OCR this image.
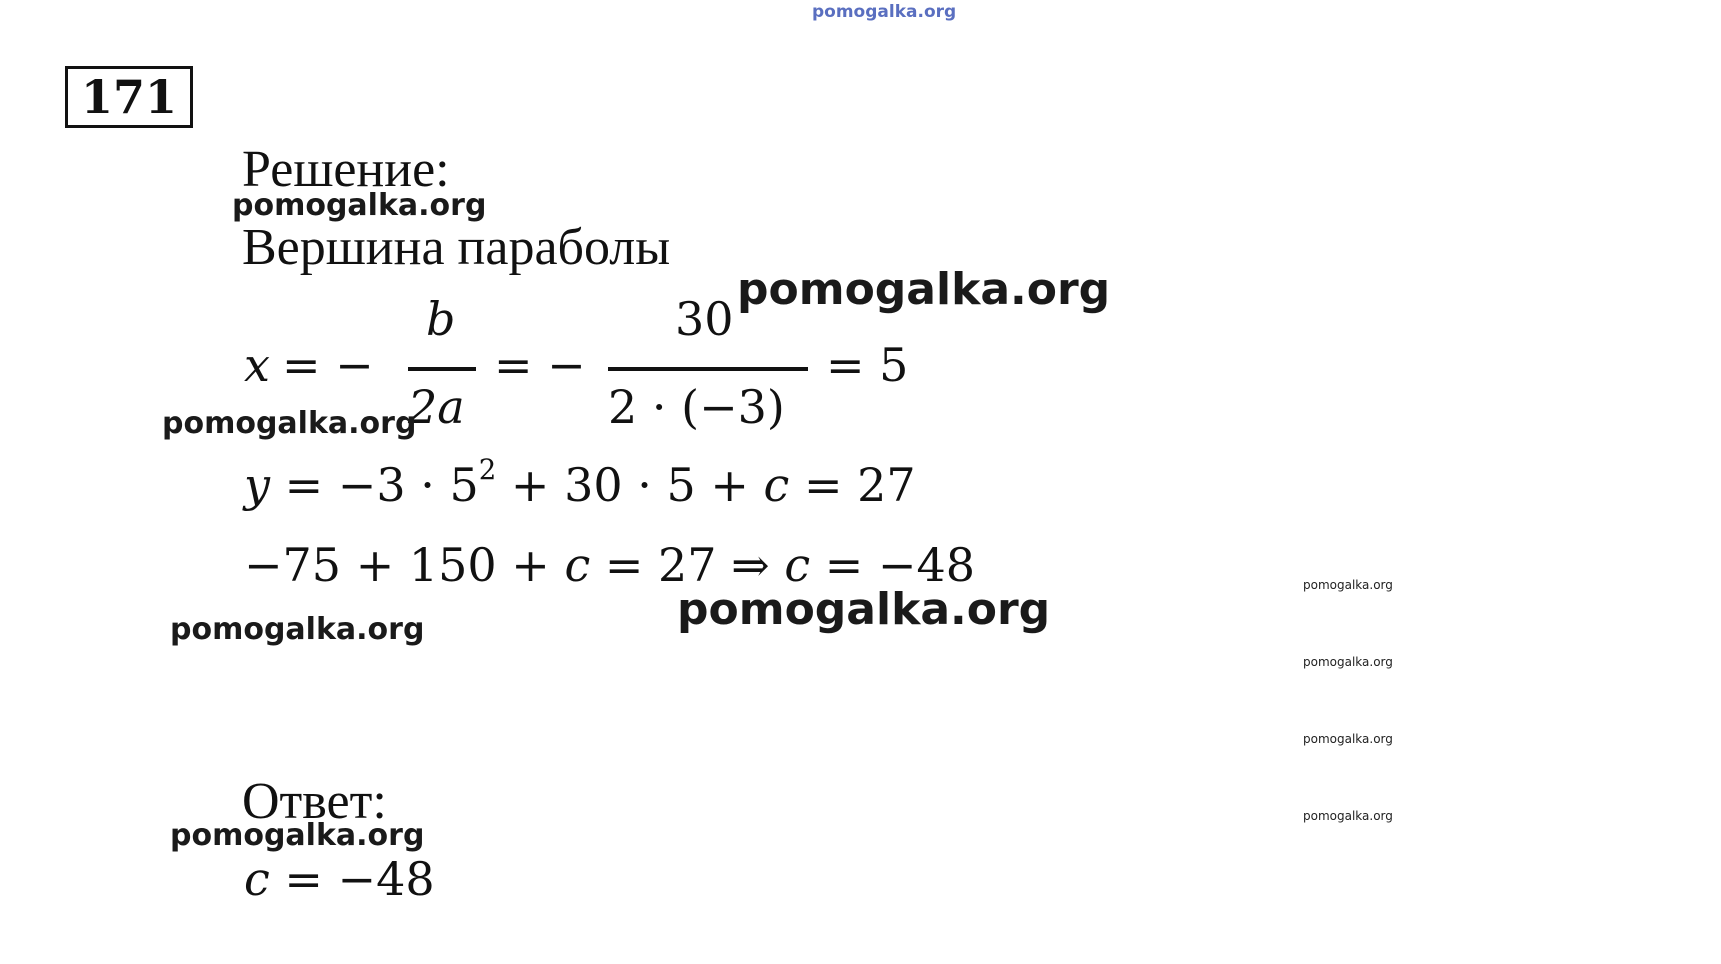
pomogalka.org
171
Решение:
pomogalka.org
Вершина параболы
pomogalka.org
x = −
b
2a
= −
30
2 · (−3)
= 5
pomogalka.org
$y = -3 \cdot 5^2 + 30 \cdot 5 + c = 27$
−75 + 150 + c = 27 ⇒ c = −48
pomogalka.org
pomogalka.org
pomogalka.org
pomogalka.org
pomogalka.org
pomogalka.org
Ответ:
pomogalka.org
c = −48
